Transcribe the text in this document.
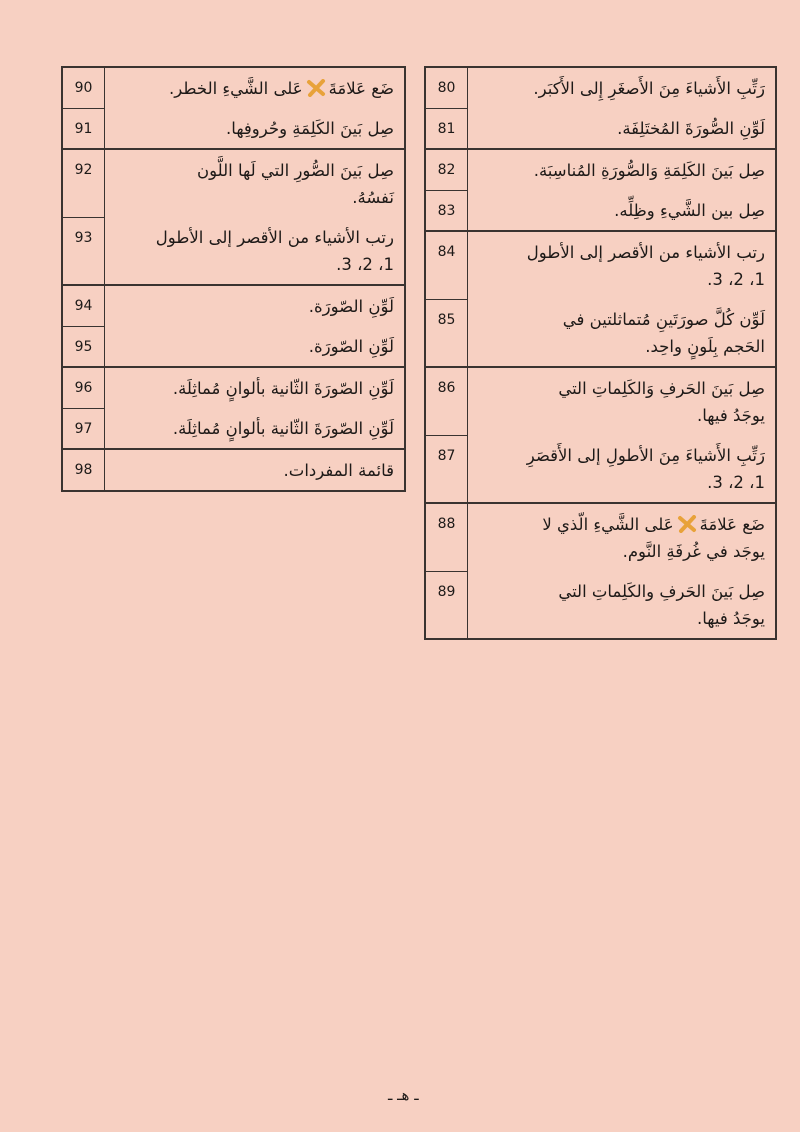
80	رَتِّبِ الأَشياءَ مِنَ الأَصغَرِ إِلى الأَكبَر.
81	لَوِّنِ الصُّورَةَ المُختَلِفَة.
82	صِل بَينَ الكَلِمَةِ وَالصُّورَةِ المُناسِبَة.
83	صِل بين الشَّيءِ وظِلِّه.
84	رتب الأشياء من الأقصر إلى الأطول
1، 2، 3.
85	لَوِّن كُلَّ صورَتَينِ مُتماثلتين في
الحَجم بِلَونٍ واحِد.
86	صِل بَينَ الحَرفِ وَالكَلِماتِ التي
يوجَدُ فيها.
87	رَتِّبِ الأَشياءَ مِنَ الأطولِ إلى الأَقصَرِ
1، 2، 3.
88	ضَع عَلامَةَعَلى الشَّيءِ الّذي لا
يوجَد في غُرفَةِ النَّوم.
89	صِل بَينَ الحَرفِ والكَلِماتِ التي
يوجَدُ فيها.
90	ضَع عَلامَةَعَلى الشَّيءِ الخطر.
91	صِل بَينَ الكَلِمَةِ وحُروفِها.
92	صِل بَينَ الصُّورِ التي لَها اللَّون
نَفسُهُ.
93	رتب الأشياء من الأقصر إلى الأطول
1، 2، 3.
94	لَوِّنِ الصّورَة.
95	لَوِّنِ الصّورَة.
96	لَوِّنِ الصّورَةَ الثّانية بألوانٍ مُماثِلَة.
97	لَوِّنِ الصّورَةَ الثّانية بألوانٍ مُماثِلَة.
98	قائمة المفردات.
ـ هـ ـ
